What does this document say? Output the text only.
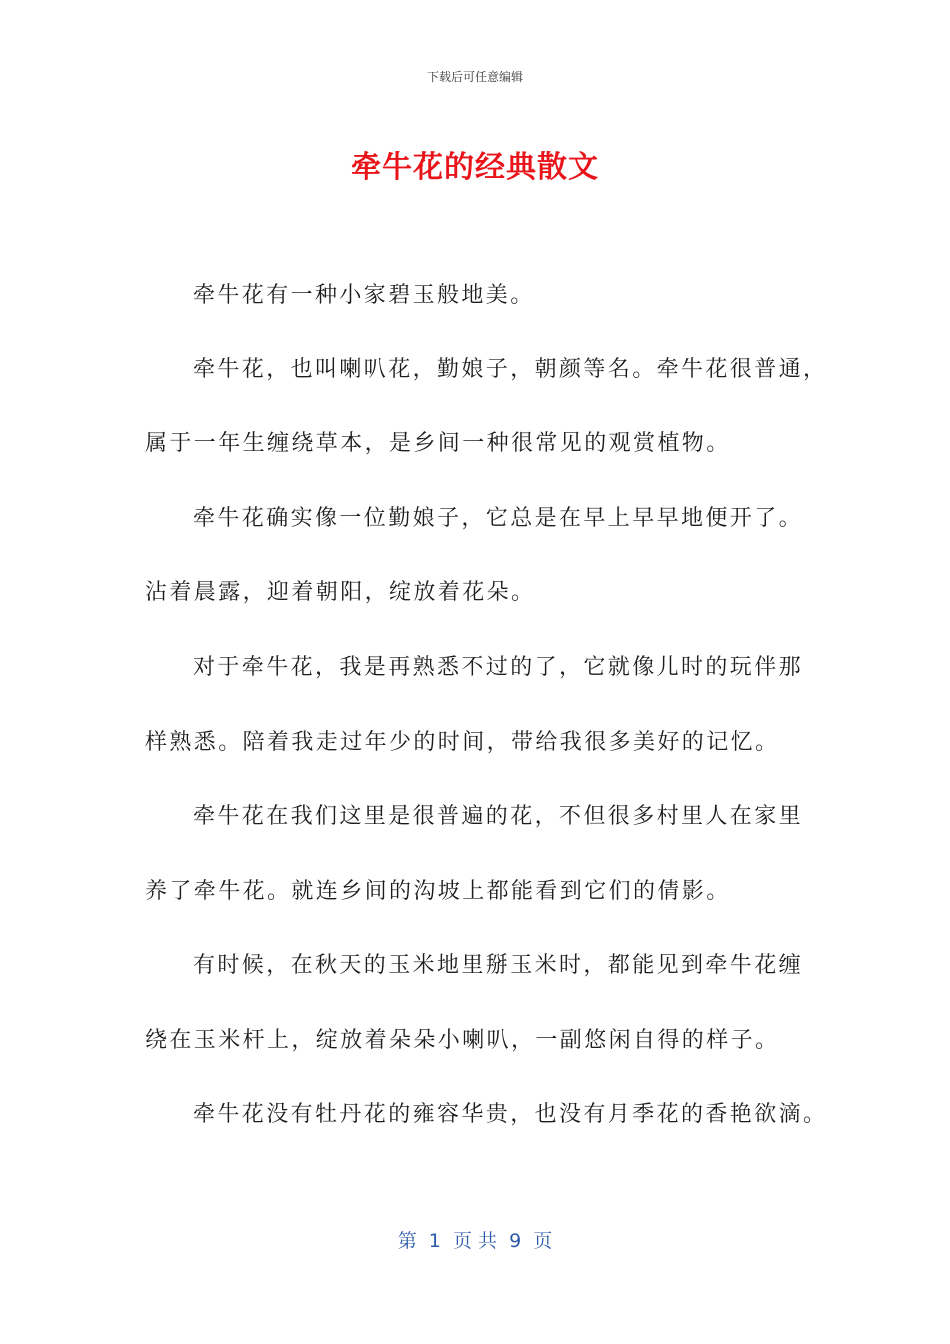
下载后可任意编辑
牵牛花的经典散文
牵牛花有一种小家碧玉般地美。
牵牛花，也叫喇叭花，勤娘子，朝颜等名。牵牛花很普通，
属于一年生缠绕草本，是乡间一种很常见的观赏植物。
牵牛花确实像一位勤娘子，它总是在早上早早地便开了。
沾着晨露，迎着朝阳，绽放着花朵。
对于牵牛花，我是再熟悉不过的了，它就像儿时的玩伴那
样熟悉。陪着我走过年少的时间，带给我很多美好的记忆。
牵牛花在我们这里是很普遍的花，不但很多村里人在家里
养了牵牛花。就连乡间的沟坡上都能看到它们的倩影。
有时候，在秋天的玉米地里掰玉米时，都能见到牵牛花缠
绕在玉米杆上，绽放着朵朵小喇叭，一副悠闲自得的样子。
牵牛花没有牡丹花的雍容华贵，也没有月季花的香艳欲滴。
第  1  页 共  9  页
